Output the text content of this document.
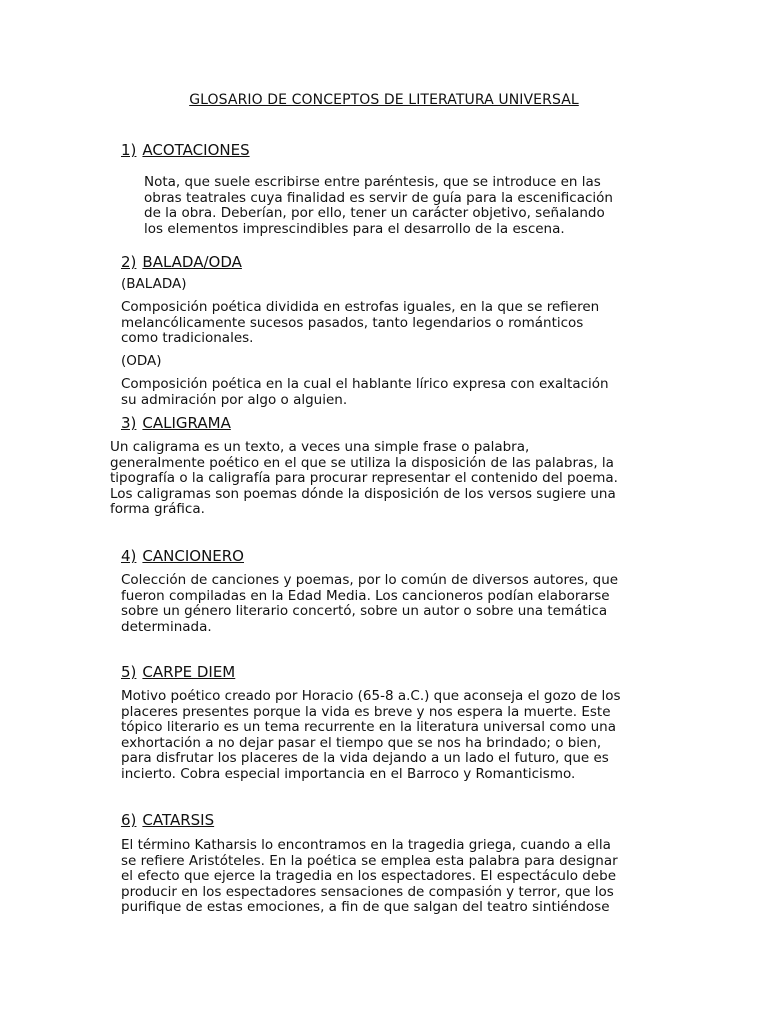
GLOSARIO DE CONCEPTOS DE LITERATURA UNIVERSAL
1) ACOTACIONES
Nota, que suele escribirse entre paréntesis, que se introduce en las
obras teatrales cuya finalidad es servir de guía para la escenificación
de la obra. Deberían, por ello, tener un carácter objetivo, señalando
los elementos imprescindibles para el desarrollo de la escena.
2) BALADA/ODA
(BALADA)
Composición poética dividida en estrofas iguales, en la que se refieren
melancólicamente sucesos pasados, tanto legendarios o románticos
como tradicionales.
(ODA)
Composición poética en la cual el hablante lírico expresa con exaltación
su admiración por algo o alguien.
3) CALIGRAMA
Un caligrama es un texto, a veces una simple frase o palabra,
generalmente poético en el que se utiliza la disposición de las palabras, la
tipografía o la caligrafía para procurar representar el contenido del poema.
Los caligramas son poemas dónde la disposición de los versos sugiere una
forma gráfica.
4) CANCIONERO
Colección de canciones y poemas, por lo común de diversos autores, que
fueron compiladas en la Edad Media. Los cancioneros podían elaborarse
sobre un género literario concertó, sobre un autor o sobre una temática
determinada.
5) CARPE DIEM
Motivo poético creado por Horacio (65-8 a.C.) que aconseja el gozo de los
placeres presentes porque la vida es breve y nos espera la muerte. Este
tópico literario es un tema recurrente en la literatura universal como una
exhortación a no dejar pasar el tiempo que se nos ha brindado; o bien,
para disfrutar los placeres de la vida dejando a un lado el futuro, que es
incierto. Cobra especial importancia en el Barroco y Romanticismo.
6) CATARSIS
El término Katharsis lo encontramos en la tragedia griega, cuando a ella
se refiere Aristóteles. En la poética se emplea esta palabra para designar
el efecto que ejerce la tragedia en los espectadores. El espectáculo debe
producir en los espectadores sensaciones de compasión y terror, que los
purifique de estas emociones, a fin de que salgan del teatro sintiéndose
